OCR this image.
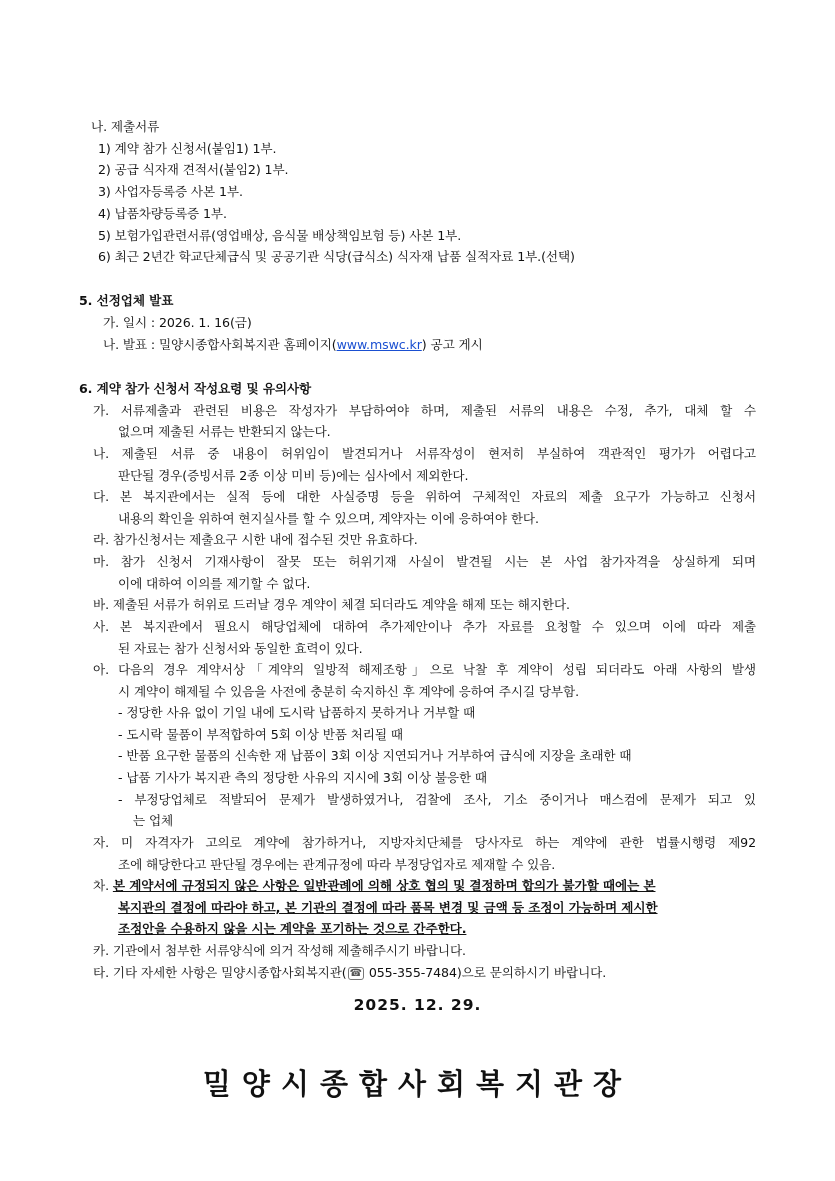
나. 제출서류
1) 계약 참가 신청서(붙임1) 1부.
2) 공급 식자재 견적서(붙임2) 1부.
3) 사업자등록증 사본 1부.
4) 납품차량등록증 1부.
5) 보험가입관련서류(영업배상, 음식물 배상책임보험 등) 사본 1부.
6) 최근 2년간 학교단체급식 및 공공기관 식당(급식소) 식자재 납품 실적자료 1부.(선택)
5. 선정업체 발표
가. 일시 : 2026. 1. 16(금)
나. 발표 : 밀양시종합사회복지관 홈페이지(www.mswc.kr) 공고 게시
6. 계약 참가 신청서 작성요령 및 유의사항
가. 서류제출과 관련된 비용은 작성자가 부담하여야 하며, 제출된 서류의 내용은 수정, 추가, 대체 할 수
없으며 제출된 서류는 반환되지 않는다.
나. 제출된 서류 중 내용이 허위임이 발견되거나 서류작성이 현저히 부실하여 객관적인 평가가 어렵다고
판단될 경우(증빙서류 2종 이상 미비 등)에는 심사에서 제외한다.
다. 본 복지관에서는 실적 등에 대한 사실증명 등을 위하여 구체적인 자료의 제출 요구가 가능하고 신청서
내용의 확인을 위하여 현지실사를 할 수 있으며, 계약자는 이에 응하여야 한다.
라. 참가신청서는 제출요구 시한 내에 접수된 것만 유효하다.
마. 참가 신청서 기재사항이 잘못 또는 허위기재 사실이 발견될 시는 본 사업 참가자격을 상실하게 되며
이에 대하여 이의를 제기할 수 없다.
바. 제출된 서류가 허위로 드러날 경우 계약이 체결 되더라도 계약을 해제 또는 해지한다.
사. 본 복지관에서 필요시 해당업체에 대하여 추가제안이나 추가 자료를 요청할 수 있으며 이에 따라 제출
된 자료는 참가 신청서와 동일한 효력이 있다.
아. 다음의 경우 계약서상「계약의 일방적 해제조항」으로 낙찰 후 계약이 성립 되더라도 아래 사항의 발생
시 계약이 해제될 수 있음을 사전에 충분히 숙지하신 후 계약에 응하여 주시길 당부함.
- 정당한 사유 없이 기일 내에 도시락 납품하지 못하거나 거부할 때
- 도시락 물품이 부적합하여 5회 이상 반품 처리될 때
- 반품 요구한 물품의 신속한 재 납품이 3회 이상 지연되거나 거부하여 급식에 지장을 초래한 때
- 납품 기사가 복지관 측의 정당한 사유의 지시에 3회 이상 불응한 때
- 부정당업체로 적발되어 문제가 발생하였거나, 검찰에 조사, 기소 중이거나 매스컴에 문제가 되고 있
는 업체
자. 미 자격자가 고의로 계약에 참가하거나, 지방자치단체를 당사자로 하는 계약에 관한 법률시행령 제92
조에 해당한다고 판단될 경우에는 관계규정에 따라 부정당업자로 제재할 수 있음.
차. 본 계약서에 규정되지 않은 사항은 일반관례에 의해 상호 협의 및 결정하며 합의가 불가할 때에는 본
복지관의 결정에 따라야 하고, 본 기관의 결정에 따라 품목 변경 및 금액 등 조정이 가능하며 제시한
조정안을 수용하지 않을 시는 계약을 포기하는 것으로 간주한다.
카. 기관에서 첨부한 서류양식에 의거 작성해 제출해주시기 바랍니다.
타. 기타 자세한 사항은 밀양시종합사회복지관( ☎ 055-355-7484)으로 문의하시기 바랍니다.
2025. 12. 29.
밀양시종합사회복지관장
